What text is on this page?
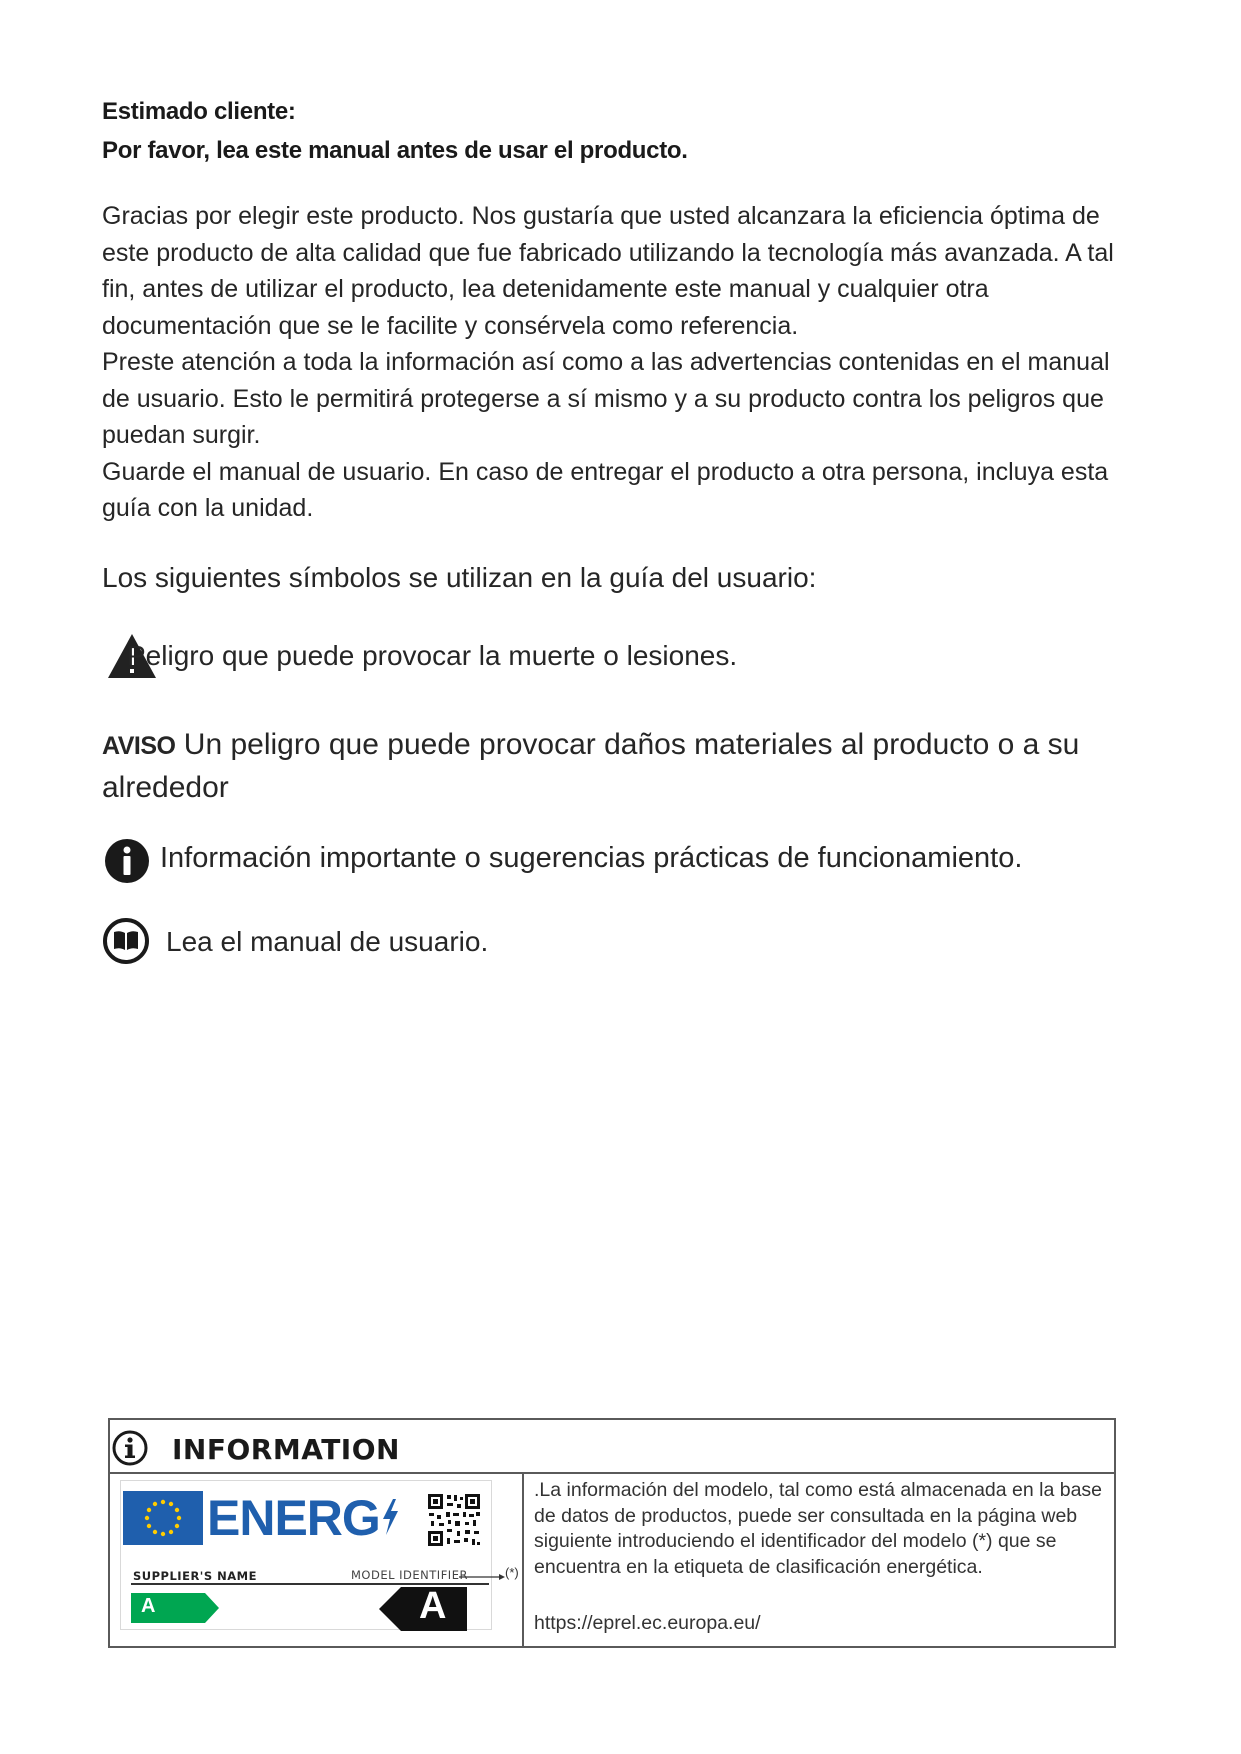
Estimado cliente:
Por favor, lea este manual antes de usar el producto.

Gracias por elegir este producto. Nos gustaría que usted alcanzara la eficiencia óptima de este producto de alta calidad que fue fabricado utilizando la tecnología más avanzada. A tal fin, antes de utilizar el producto, lea detenidamente este manual y cualquier otra documentación que se le facilite y consérvela como referencia.

Preste atención a toda la información así como a las advertencias contenidas en el manual de usuario. Esto le permitirá protegerse a sí mismo y a su producto contra los peligros que puedan surgir.

Guarde el manual de usuario. En caso de entregar el producto a otra persona, incluya esta guía con la unidad.

Los siguientes símbolos se utilizan en la guía del usuario:
Peligro que puede provocar la muerte o lesiones.
AVISO Un peligro que puede provocar daños materiales al producto o a su alrededor
Información importante o sugerencias prácticas de funcionamiento.
Lea el manual de usuario.
INFORMATION
ENERG
SUPPLIER'S NAME	MODEL IDENTIFIER	(*)
A	A
.La información del modelo, tal como está almacenada en la base de datos de productos, puede ser consultada en la página web siguiente introduciendo el identificador del modelo (*) que se encuentra en la etiqueta de clasificación energética.
https://eprel.ec.europa.eu/
